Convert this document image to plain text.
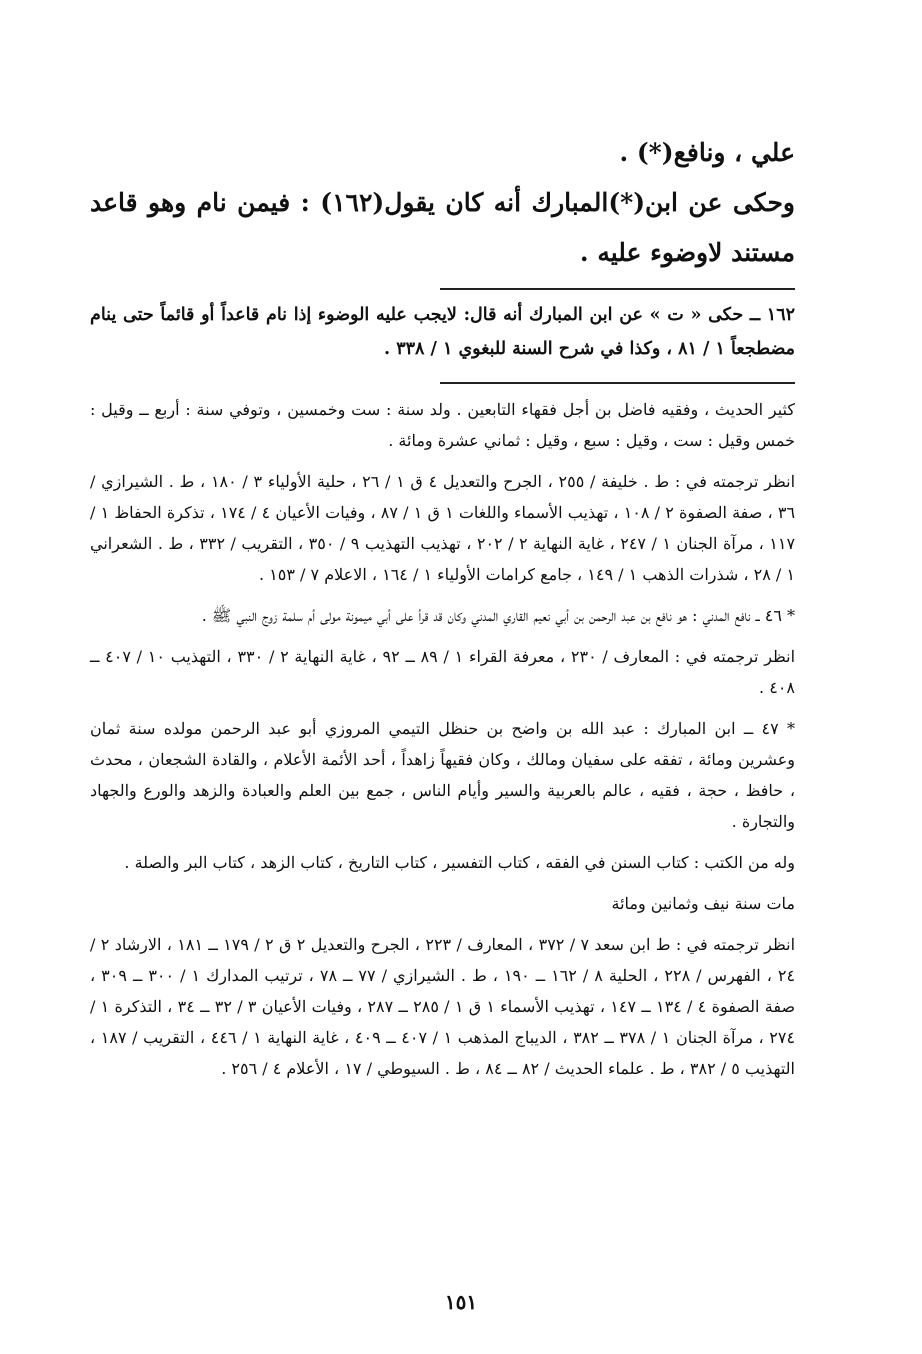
علي ، ونافع(*) .

وحكى عن ابن(*)المبارك أنه كان يقول(١٦٢) : فيمن نام وهو قاعد مستند لاوضوء عليه .

١٦٢ ــ حكى « ت » عن ابن المبارك أنه قال: لايجب عليه الوضوء إذا نام قاعداً أو قائماً حتى ينام مضطجعاً ١ / ٨١ ، وكذا في شرح السنة للبغوي ١ / ٣٣٨ .

كثير الحديث ، وفقيه فاضل بن أجل فقهاء التابعين . ولد سنة : ست وخمسين ، وتوفي سنة : أربع ــ وقيل : خمس وقيل : ست ، وقيل : سبع ، وقيل : ثماني عشرة ومائة .

انظر ترجمته في : ط . خليفة / ٢٥٥ ، الجرح والتعديل ٤ ق ١ / ٢٦ ، حلية الأولياء ٣ / ١٨٠ ، ط . الشيرازي / ٣٦ ، صفة الصفوة ٢ / ١٠٨ ، تهذيب الأسماء واللغات ١ ق ١ / ٨٧ ، وفيات الأعيان ٤ / ١٧٤ ، تذكرة الحفاظ ١ / ١١٧ ، مرآة الجنان ١ / ٢٤٧ ، غاية النهاية ٢ / ٢٠٢ ، تهذيب التهذيب ٩ / ٣٥٠ ، التقريب / ٣٣٢ ، ط . الشعراني ١ / ٢٨ ، شذرات الذهب ١ / ١٤٩ ، جامع كرامات الأولياء ١ / ١٦٤ ، الاعلام ٧ / ١٥٣ .

* ٤٦ ــ نافع المدني : هو نافع بن عبد الرحمن بن أبي نعيم القاري المدني وكان قد قرأ على أبي ميمونة مولى أم سلمة زوج النبي ﷺ .

انظر ترجمته في : المعارف / ٢٣٠ ، معرفة القراء ١ / ٨٩ ــ ٩٢ ، غاية النهاية ٢ / ٣٣٠ ، التهذيب ١٠ / ٤٠٧ ــ ٤٠٨ .

* ٤٧ ــ ابن المبارك : عبد الله بن واضح بن حنظل التيمي المروزي أبو عبد الرحمن مولده سنة ثمان وعشرين ومائة ، تفقه على سفيان ومالك ، وكان فقيهاً زاهداً ، أحد الأئمة الأعلام ، والقادة الشجعان ، محدث ، حافظ ، حجة ، فقيه ، عالم بالعربية والسير وأيام الناس ، جمع بين العلم والعبادة والزهد والورع والجهاد والتجارة .

وله من الكتب : كتاب السنن في الفقه ، كتاب التفسير ، كتاب التاريخ ، كتاب الزهد ، كتاب البر والصلة .

مات سنة نيف وثمانين ومائة

انظر ترجمته في : ط ابن سعد ٧ / ٣٧٢ ، المعارف / ٢٢٣ ، الجرح والتعديل ٢ ق ٢ / ١٧٩ ــ ١٨١ ، الارشاد ٢ / ٢٤ ، الفهرس / ٢٢٨ ، الحلية ٨ / ١٦٢ ــ ١٩٠ ، ط . الشيرازي / ٧٧ ــ ٧٨ ، ترتيب المدارك ١ / ٣٠٠ ــ ٣٠٩ ، صفة الصفوة ٤ / ١٣٤ ــ ١٤٧ ، تهذيب الأسماء ١ ق ١ / ٢٨٥ ــ ٢٨٧ ، وفيات الأعيان ٣ / ٣٢ ــ ٣٤ ، التذكرة ١ / ٢٧٤ ، مرآة الجنان ١ / ٣٧٨ ــ ٣٨٢ ، الديباج المذهب ١ / ٤٠٧ ــ ٤٠٩ ، غاية النهاية ١ / ٤٤٦ ، التقريب / ١٨٧ ، التهذيب ٥ / ٣٨٢ ، ط . علماء الحديث / ٨٢ ــ ٨٤ ، ط . السيوطي / ١٧ ، الأعلام ٤ / ٢٥٦ .

١٥١
